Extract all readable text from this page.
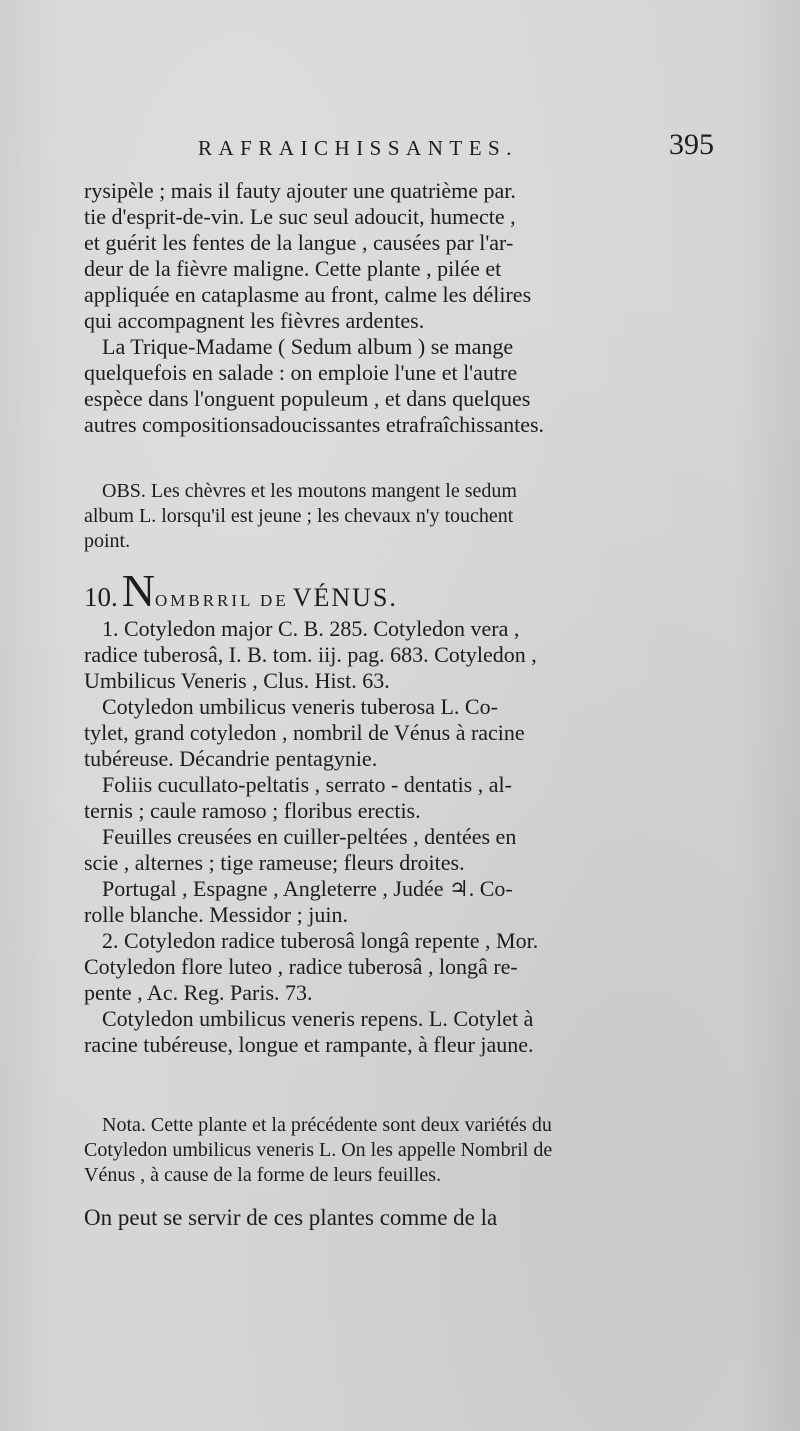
RAFRAICHISSANTES.	395
rysipèle ; mais il fauty ajouter une quatrième par.
tie d'esprit-de-vin. Le suc seul adoucit, humecte ,
et guérit les fentes de la langue , causées par l'ar-
deur de la fièvre maligne. Cette plante , pilée et
appliquée en cataplasme au front, calme les délires
qui accompagnent les fièvres ardentes.
La Trique-Madame ( Sedum album ) se mange
quelquefois en salade : on emploie l'une et l'autre
espèce dans l'onguent populeum , et dans quelques
autres compositionsadoucissantes etrafraîchissantes.
OBS. Les chèvres et les moutons mangent le sedum
album L. lorsqu'il est jeune ; les chevaux n'y touchent
point.
10. NOMBRRIL DE VÉNUS.
1. Cotyledon major C. B. 285. Cotyledon vera ,
radice tuberosâ, I. B. tom. iij. pag. 683. Cotyledon ,
Umbilicus Veneris , Clus. Hist. 63.
Cotyledon umbilicus veneris tuberosa L. Co-
tylet, grand cotyledon , nombril de Vénus à racine
tubéreuse. Décandrie pentagynie.
Foliis cucullato-peltatis , serrato - dentatis , al-
ternis ; caule ramoso ; floribus erectis.
Feuilles creusées en cuiller-peltées , dentées en
scie , alternes ; tige rameuse; fleurs droites.
Portugal , Espagne , Angleterre , Judée ♃. Co-
rolle blanche. Messidor ; juin.
2. Cotyledon radice tuberosâ longâ repente , Mor.
Cotyledon flore luteo , radice tuberosâ , longâ re-
pente , Ac. Reg. Paris. 73.
Cotyledon umbilicus veneris repens. L. Cotylet à
racine tubéreuse, longue et rampante, à fleur jaune.
Nota. Cette plante et la précédente sont deux variétés du
Cotyledon umbilicus veneris L. On les appelle Nombril de
Vénus , à cause de la forme de leurs feuilles.
On peut se servir de ces plantes comme de la
